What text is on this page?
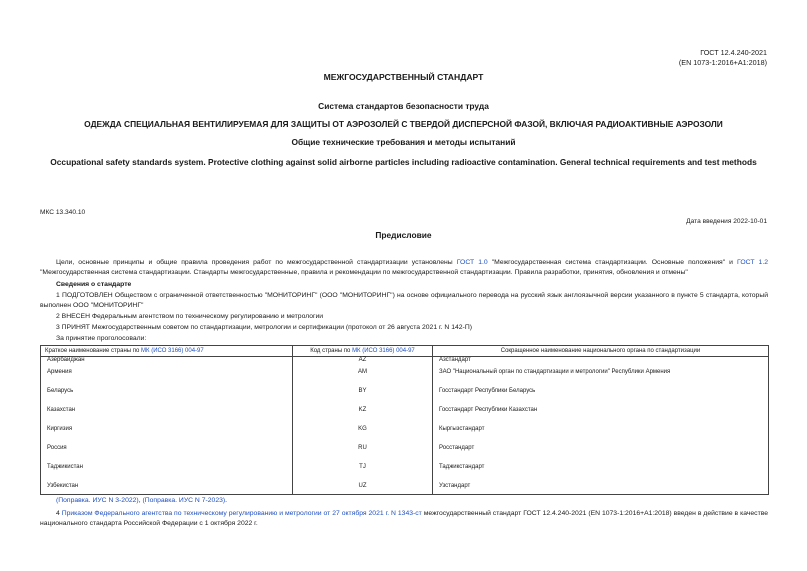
ГОСТ 12.4.240-2021
(EN 1073-1:2016+A1:2018)
МЕЖГОСУДАРСТВЕННЫЙ СТАНДАРТ
Система стандартов безопасности труда
ОДЕЖДА СПЕЦИАЛЬНАЯ ВЕНТИЛИРУЕМАЯ ДЛЯ ЗАЩИТЫ ОТ АЭРОЗОЛЕЙ С ТВЕРДОЙ ДИСПЕРСНОЙ ФАЗОЙ, ВКЛЮЧАЯ РАДИОАКТИВНЫЕ АЭРОЗОЛИ
Общие технические требования и методы испытаний
Occupational safety standards system. Protective clothing against solid airborne particles including radioactive contamination. General technical requirements and test methods
МКС 13.340.10
Дата введения 2022-10-01
Предисловие
Цели, основные принципы и общие правила проведения работ по межгосударственной стандартизации установлены ГОСТ 1.0 "Межгосударственная система стандартизации. Основные положения" и ГОСТ 1.2 "Межгосударственная система стандартизации. Стандарты межгосударственные, правила и рекомендации по межгосударственной стандартизации. Правила разработки, принятия, обновления и отмены"
Сведения о стандарте
1 ПОДГОТОВЛЕН Обществом с ограниченной ответственностью "МОНИТОРИНГ" (ООО "МОНИТОРИНГ") на основе официального перевода на русский язык англоязычной версии указанного в пункте 5 стандарта, который выполнен ООО "МОНИТОРИНГ"
2 ВНЕСЕН Федеральным агентством по техническому регулированию и метрологии
3 ПРИНЯТ Межгосударственным советом по стандартизации, метрологии и сертификации (протокол от 26 августа 2021 г. N 142-П)
За принятие проголосовали:
Краткое наименование страны по МК (ИСО 3166) 004-97	Код страны по МК (ИСО 3166) 004-97	Сокращенное наименование национального органа по стандартизации
Азербайджан	AZ	Азстандарт
Армения	AM	ЗАО "Национальный орган по стандартизации и метрологии" Республики Армения
Беларусь	BY	Госстандарт Республики Беларусь
Казахстан	KZ	Госстандарт Республики Казахстан
Киргизия	KG	Кыргызстандарт
Россия	RU	Росстандарт
Таджикистан	TJ	Таджикстандарт
Узбекистан	UZ	Узстандарт
(Поправка. ИУС N 3-2022), (Поправка. ИУС N 7-2023).
4 Приказом Федерального агентства по техническому регулированию и метрологии от 27 октября 2021 г. N 1343-ст межгосударственный стандарт ГОСТ 12.4.240-2021 (EN 1073-1:2016+A1:2018) введен в действие в качестве национального стандарта Российской Федерации с 1 октября 2022 г.
